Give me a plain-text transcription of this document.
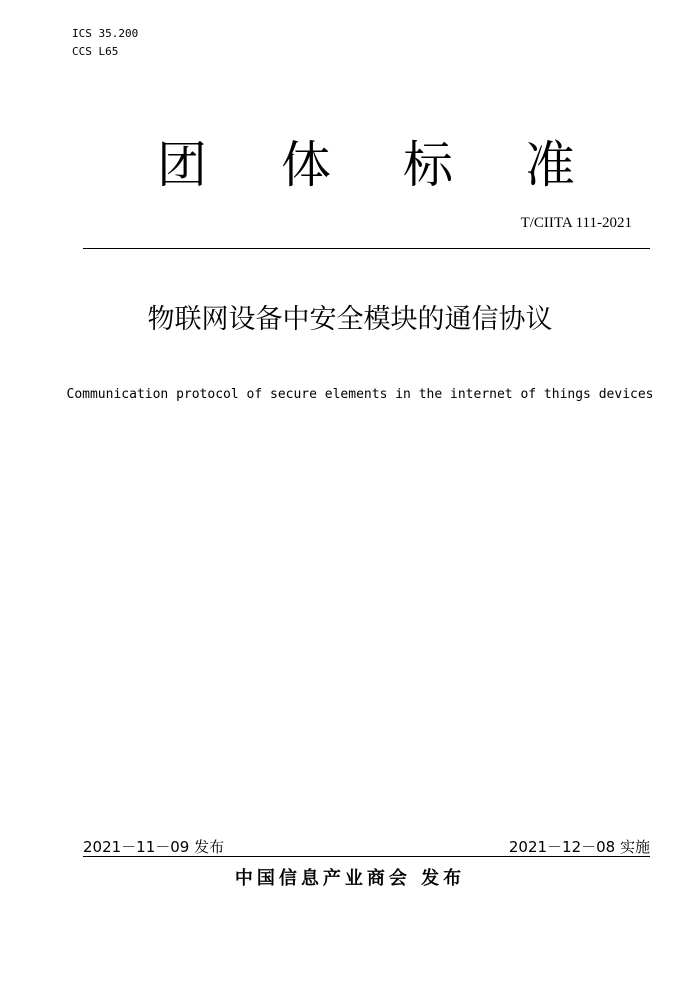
ICS 35.200
CCS L65
团 体 标 准
T/CIITA 111-2021
物联网设备中安全模块的通信协议
Communication protocol of secure elements in the internet of things devices
2021－11－09 发布	2021－12－08 实施
中国信息产业商会 发布
